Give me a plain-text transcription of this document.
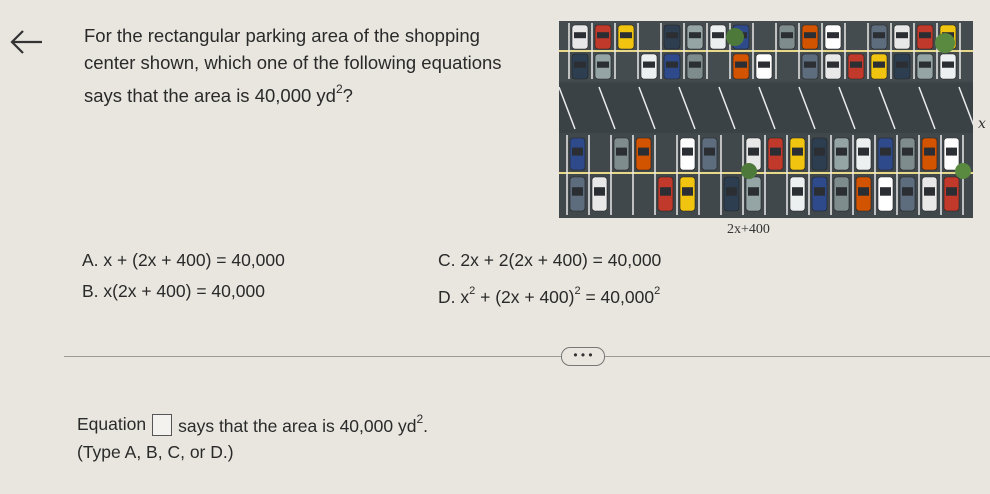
For the rectangular parking area of the shopping
center shown, which one of the following equations
says that the area is 40,000 $yd^2$?
x
2x+400
A. x + (2x + 400) = 40,000
B. x(2x + 400) = 40,000
C. 2x + 2(2x + 400) = 40,000
D. $x^2 + (2x + 400)^2 = 40,000^2$
• • •
Equation says that the area is 40,000 $yd^2$.
(Type A, B, C, or D.)
